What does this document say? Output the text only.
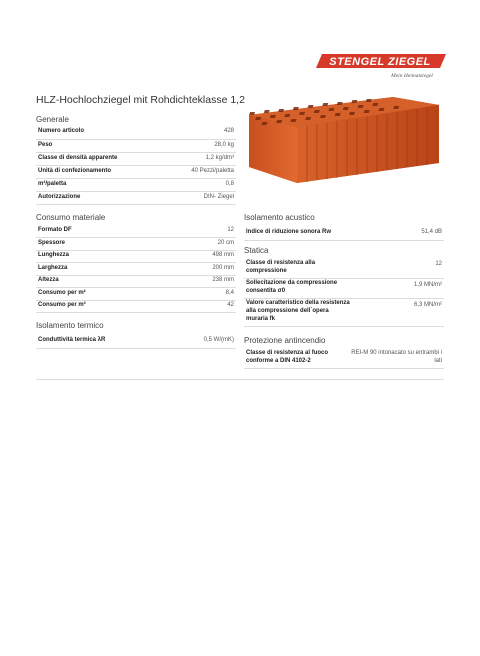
STENGEL ZIEGEL
Mein Heimatziegel
HLZ-Hochlochziegel mit Rohdichteklasse 1,2
Generale
Numero articolo	428
Peso	28,0 kg
Classe di densità apparente	1,2 kg/dm³
Unità di confezionamento	40 Pezzi/paletta
m²/paletta	0,8
Autorizzazione	DIN- Ziegel
Consumo materiale
Formato DF	12
Spessore	20 cm
Lunghezza	498 mm
Larghezza	200 mm
Altezza	238 mm
Consumo per m²	8,4
Consumo per m³	42
Isolamento termico
Conduttività termica λR	0,5 W/(mK)
Isolamento acustico
Indice di riduzione sonora Rw	51,4 dB
Statica
Classe di resistenza alla compressione	12
Sollecitazione da compressione consentita σ0	1,9 MN/m²
Valore caratteristico della resistenza alla compressione dell´opera muraria fk	6,3 MN/m²
Protezione antincendio
Classe di resistenza al fuoco conforme a DIN 4102-2	REI-M 90 intonacato su entrambi i lati
